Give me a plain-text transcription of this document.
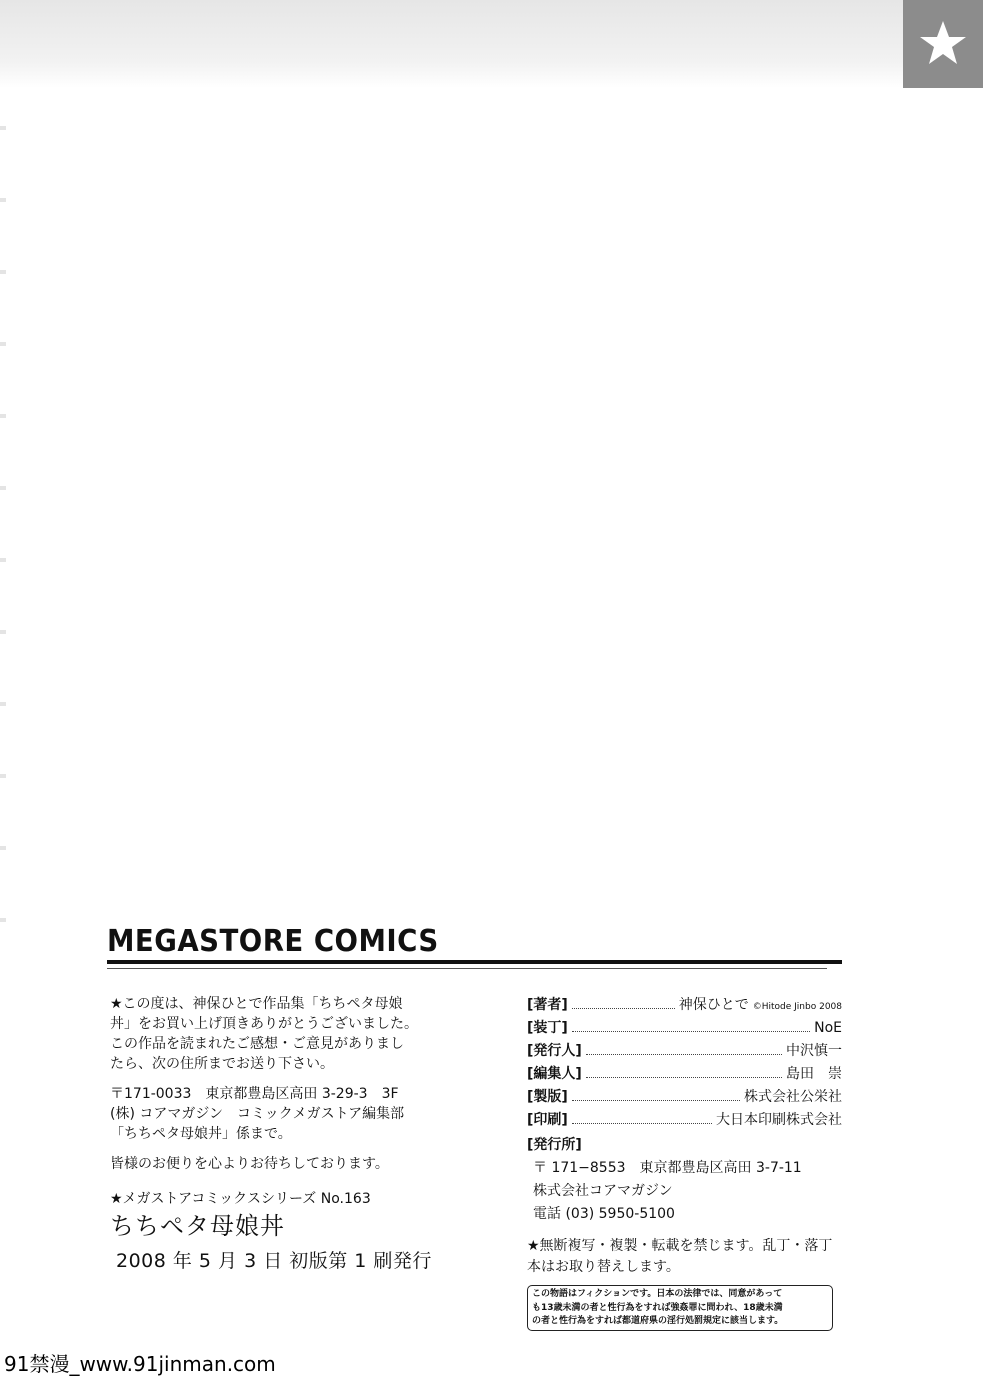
MEGASTORE COMICS

★この度は、神保ひとで作品集「ちちペタ母娘

丼」をお買い上げ頂きありがとうございました。

この作品を読まれたご感想・ご意見がありまし

たら、次の住所までお送り下さい。

〒171-0033　東京都豊島区高田 3-29-3　3F

(株) コアマガジン　コミックメガストア編集部

「ちちペタ母娘丼」係まで。

皆様のお便りを心よりお待ちしております。

★メガストアコミックスシリーズ No.163
ちちペタ母娘丼
2008 年 5 月 3 日 初版第 1 刷発行
[著者]	神保ひとで ©Hitode Jinbo 2008
[装丁]	NoE
[発行人]	中沢慎一
[編集人]	島田　崇
[製版]	株式会社公栄社
[印刷]	大日本印刷株式会社
[発行所]
〒 171−8553　東京都豊島区高田 3-7-11
株式会社コアマガジン
電話 (03) 5950-5100
★無断複写・複製・転載を禁じます。乱丁・落丁
本はお取り替えします。
この物語はフィクションです。日本の法律では、同意があって
も13歳未満の者と性行為をすれば強姦罪に問われ、18歳未満
の者と性行為をすれば都道府県の淫行処罰規定に該当します。
91禁漫_www.91jinman.com
